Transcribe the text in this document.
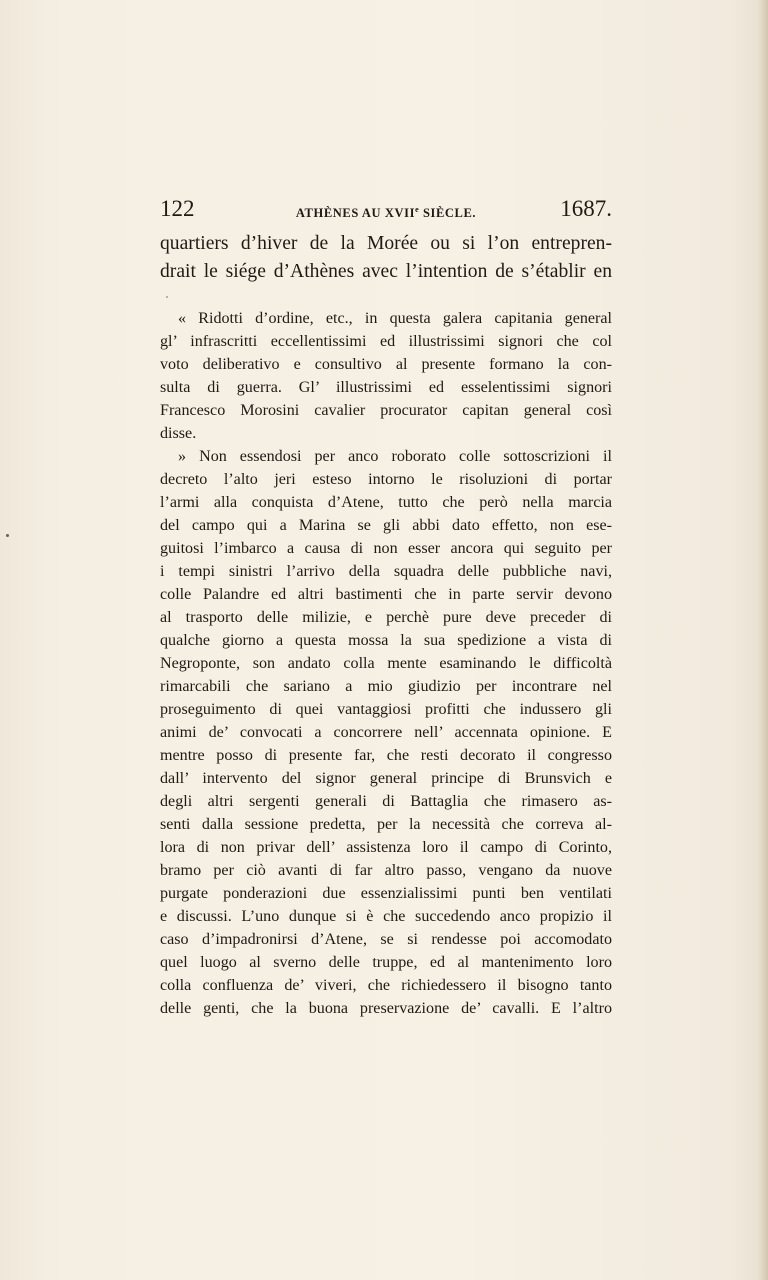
122	ATHÈNES AU XVIIe SIÈCLE.	1687.

quartiers d’hiver de la Morée ou si l’on entrepren-

drait le siége d’Athènes avec l’intention de s’établir en

« Ridotti d’ordine, etc., in questa galera capitania general
gl’ infrascritti eccellentissimi ed illustrissimi signori che col
voto deliberativo e consultivo al presente formano la con-
sulta di guerra. Gl’ illustrissimi ed esselentissimi signori
Francesco Morosini cavalier procurator capitan general così
disse.

» Non essendosi per anco roborato colle sottoscrizioni il
decreto l’alto jeri esteso intorno le risoluzioni di portar
l’armi alla conquista d’Atene, tutto che però nella marcia
del campo qui a Marina se gli abbi dato effetto, non ese-
guitosi l’imbarco a causa di non esser ancora qui seguito per
i tempi sinistri l’arrivo della squadra delle pubbliche navi,
colle Palandre ed altri bastimenti che in parte servir devono
al trasporto delle milizie, e perchè pure deve preceder di
qualche giorno a questa mossa la sua spedizione a vista di
Negroponte, son andato colla mente esaminando le difficoltà
rimarcabili che sariano a mio giudizio per incontrare nel
proseguimento di quei vantaggiosi profitti che indussero gli
animi de’ convocati a concorrere nell’ accennata opinione. E
mentre posso di presente far, che resti decorato il congresso
dall’ intervento del signor general principe di Brunsvich e
degli altri sergenti generali di Battaglia che rimasero as-
senti dalla sessione predetta, per la necessità che correva al-
lora di non privar dell’ assistenza loro il campo di Corinto,
bramo per ciò avanti di far altro passo, vengano da nuove
purgate ponderazioni due essenzialissimi punti ben ventilati
e discussi. L’uno dunque si è che succedendo anco propizio il
caso d’impadronirsi d’Atene, se si rendesse poi accomodato
quel luogo al sverno delle truppe, ed al mantenimento loro
colla confluenza de’ viveri, che richiedessero il bisogno tanto
delle genti, che la buona preservazione de’ cavalli. E l’altro
